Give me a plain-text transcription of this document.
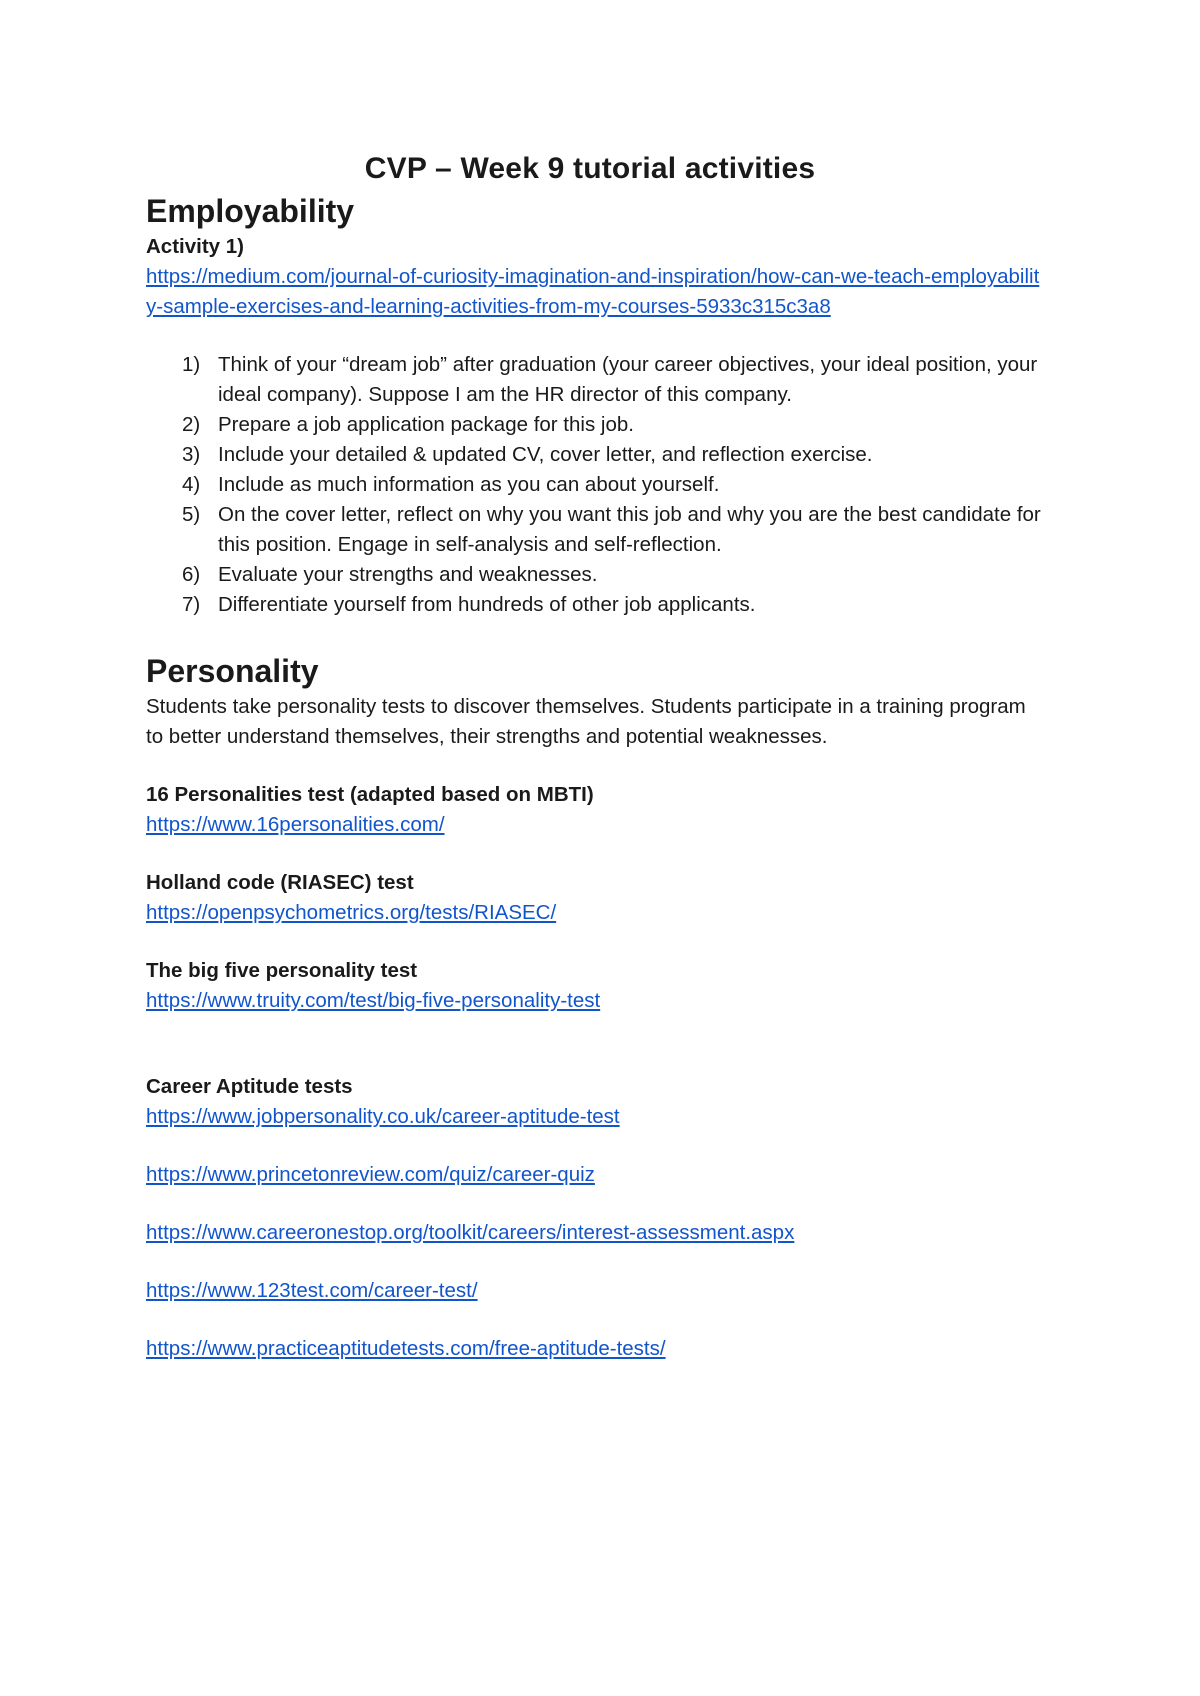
CVP – Week 9 tutorial activities
Employability
Activity 1)
https://medium.com/journal-of-curiosity-imagination-and-inspiration/how-can-we-teach-employability-sample-exercises-and-learning-activities-from-my-courses-5933c315c3a8
1) Think of your “dream job” after graduation (your career objectives, your ideal position, your ideal company). Suppose I am the HR director of this company.
2) Prepare a job application package for this job.
3) Include your detailed & updated CV, cover letter, and reflection exercise.
4) Include as much information as you can about yourself.
5) On the cover letter, reflect on why you want this job and why you are the best candidate for this position. Engage in self-analysis and self-reflection.
6) Evaluate your strengths and weaknesses.
7) Differentiate yourself from hundreds of other job applicants.
Personality

Students take personality tests to discover themselves. Students participate in a training program to better understand themselves, their strengths and potential weaknesses.

16 Personalities test (adapted based on MBTI)
https://www.16personalities.com/
Holland code (RIASEC) test
https://openpsychometrics.org/tests/RIASEC/
The big five personality test
https://www.truity.com/test/big-five-personality-test
Career Aptitude tests
https://www.jobpersonality.co.uk/career-aptitude-test
https://www.princetonreview.com/quiz/career-quiz
https://www.careeronestop.org/toolkit/careers/interest-assessment.aspx
https://www.123test.com/career-test/
https://www.practiceaptitudetests.com/free-aptitude-tests/
